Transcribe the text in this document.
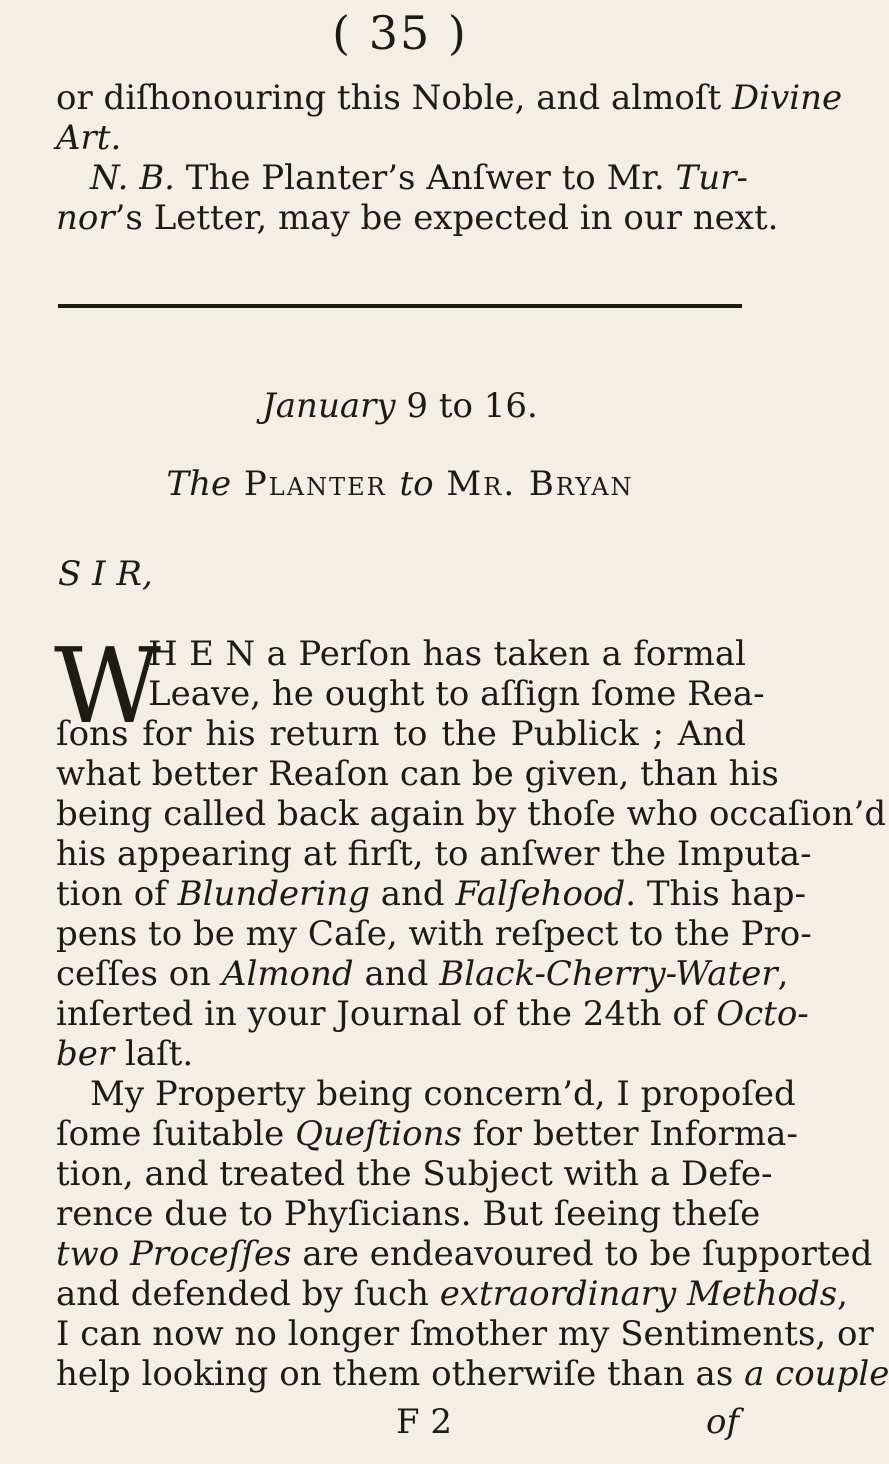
( 35 )
or diſhonouring this Noble, and almoſt Divine
Art.
N. B. The Planter’s Anſwer to Mr. Tur-
nor’s Letter, may be expected in our next.
January 9 to 16.
The Planter to Mr. Bryan
S I R,
W
H E N a Perſon has taken a formal
Leave, he ought to aſſign ſome Rea-
ſons for his return to the Publick ; And
what better Reaſon can be given, than his
being called back again by thoſe who occaſion’d
his appearing at firſt, to anſwer the Imputa-
tion of Blundering and Falſehood. This hap-
pens to be my Caſe, with reſpect to the Pro-
ceſſes on Almond and Black-Cherry-Water,
inſerted in your Journal of the 24th of Octo-
ber laſt.
My Property being concern’d, I propoſed
ſome ſuitable Queſtions for better Informa-
tion, and treated the Subject with a Defe-
rence due to Phyſicians. But ſeeing theſe
two Proceſſes are endeavoured to be ſupported
and defended by ſuch extraordinary Methods,
I can now no longer ſmother my Sentiments, or
help looking on them otherwiſe than as a couple
F 2	of
